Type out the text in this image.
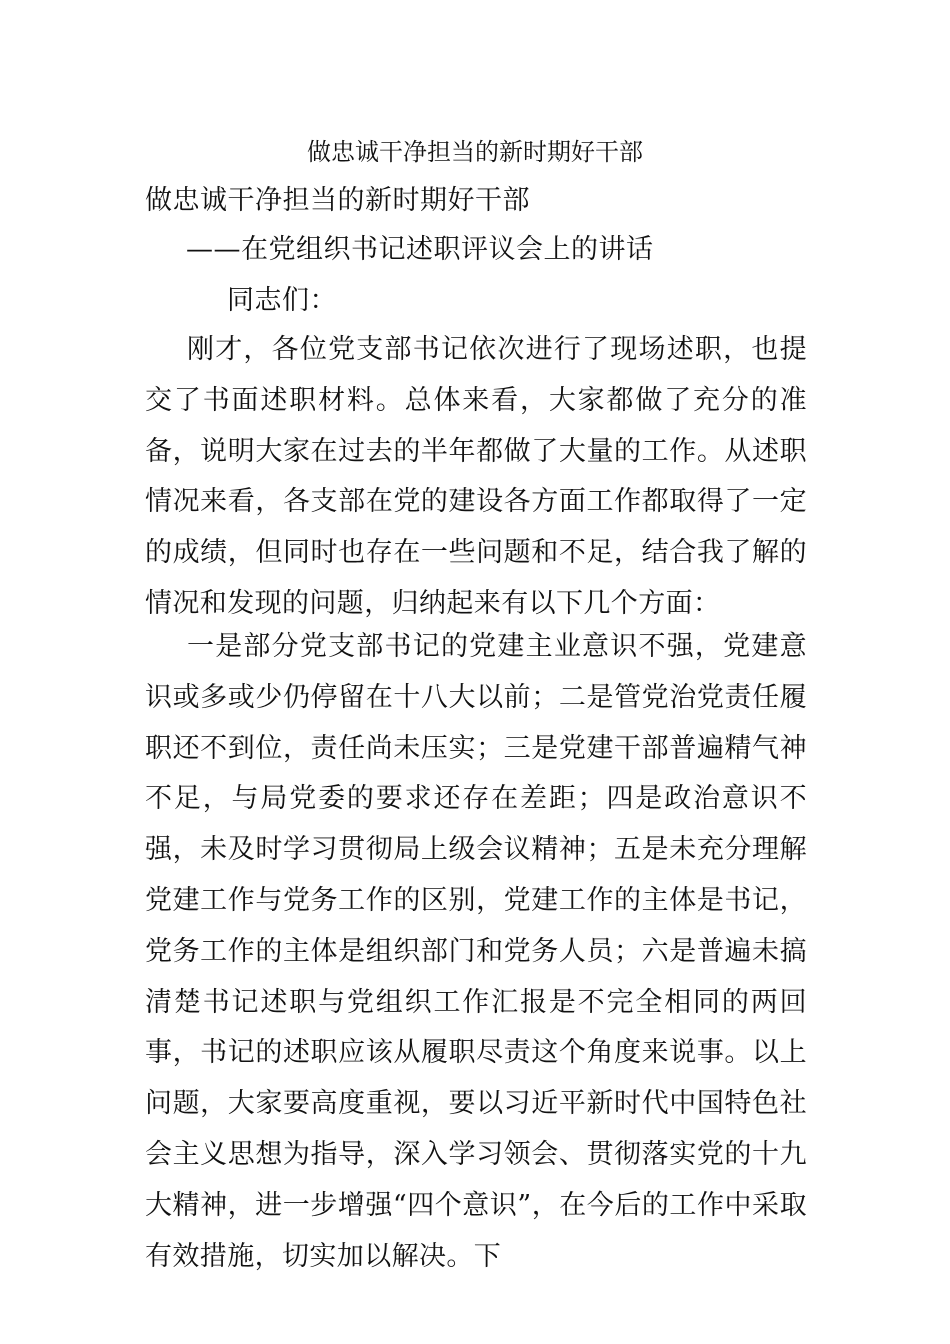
做忠诚干净担当的新时期好干部
做忠诚干净担当的新时期好干部
——在党组织书记述职评议会上的讲话
同志们：

刚才，各位党支部书记依次进行了现场述职，也提交了书面述职材料。总体来看，大家都做了充分的准备，说明大家在过去的半年都做了大量的工作。从述职情况来看，各支部在党的建设各方面工作都取得了一定的成绩，但同时也存在一些问题和不足，结合我了解的情况和发现的问题，归纳起来有以下几个方面：

一是部分党支部书记的党建主业意识不强，党建意识或多或少仍停留在十八大以前；二是管党治党责任履职还不到位，责任尚未压实；三是党建干部普遍精气神不足，与局党委的要求还存在差距；四是政治意识不强，未及时学习贯彻局上级会议精神；五是未充分理解党建工作与党务工作的区别，党建工作的主体是书记，党务工作的主体是组织部门和党务人员；六是普遍未搞清楚书记述职与党组织工作汇报是不完全相同的两回事，书记的述职应该从履职尽责这个角度来说事。以上问题，大家要高度重视，要以习近平新时代中国特色社会主义思想为指导，深入学习领会、贯彻落实党的十九大精神，进一步增强“四个意识”，在今后的工作中采取有效措施，切实加以解决。下
